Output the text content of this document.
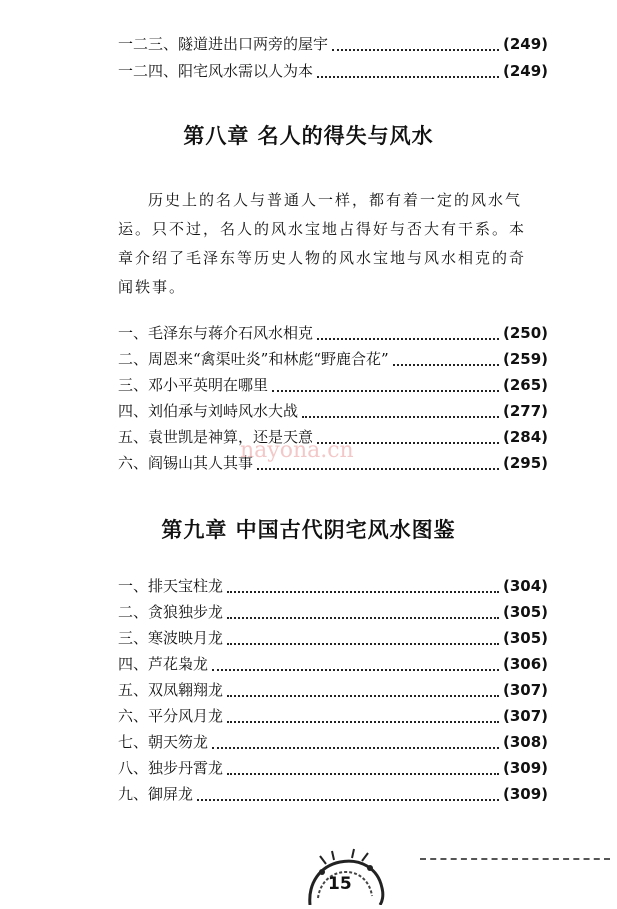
一二三、隧道进出口两旁的屋宇	(249)
一二四、阳宅风水需以人为本	(249)
第八章 名人的得失与风水
历史上的名人与普通人一样，都有着一定的风水气运。只不过，名人的风水宝地占得好与否大有干系。本章介绍了毛泽东等历史人物的风水宝地与风水相克的奇闻轶事。
一、毛泽东与蒋介石风水相克	(250)
二、周恩来“禽渠吐炎”和林彪“野鹿合花”	(259)
三、邓小平英明在哪里	(265)
四、刘伯承与刘峙风水大战	(277)
五、袁世凯是神算，还是天意	(284)
六、阎锡山其人其事	(295)
nayona.cn
第九章 中国古代阴宅风水图鉴
一、排天宝柱龙	(304)
二、贪狼独步龙	(305)
三、寒波映月龙	(305)
四、芦花枭龙	(306)
五、双凤翱翔龙	(307)
六、平分风月龙	(307)
七、朝天笏龙	(308)
八、独步丹霄龙	(309)
九、御屏龙	(309)
15
